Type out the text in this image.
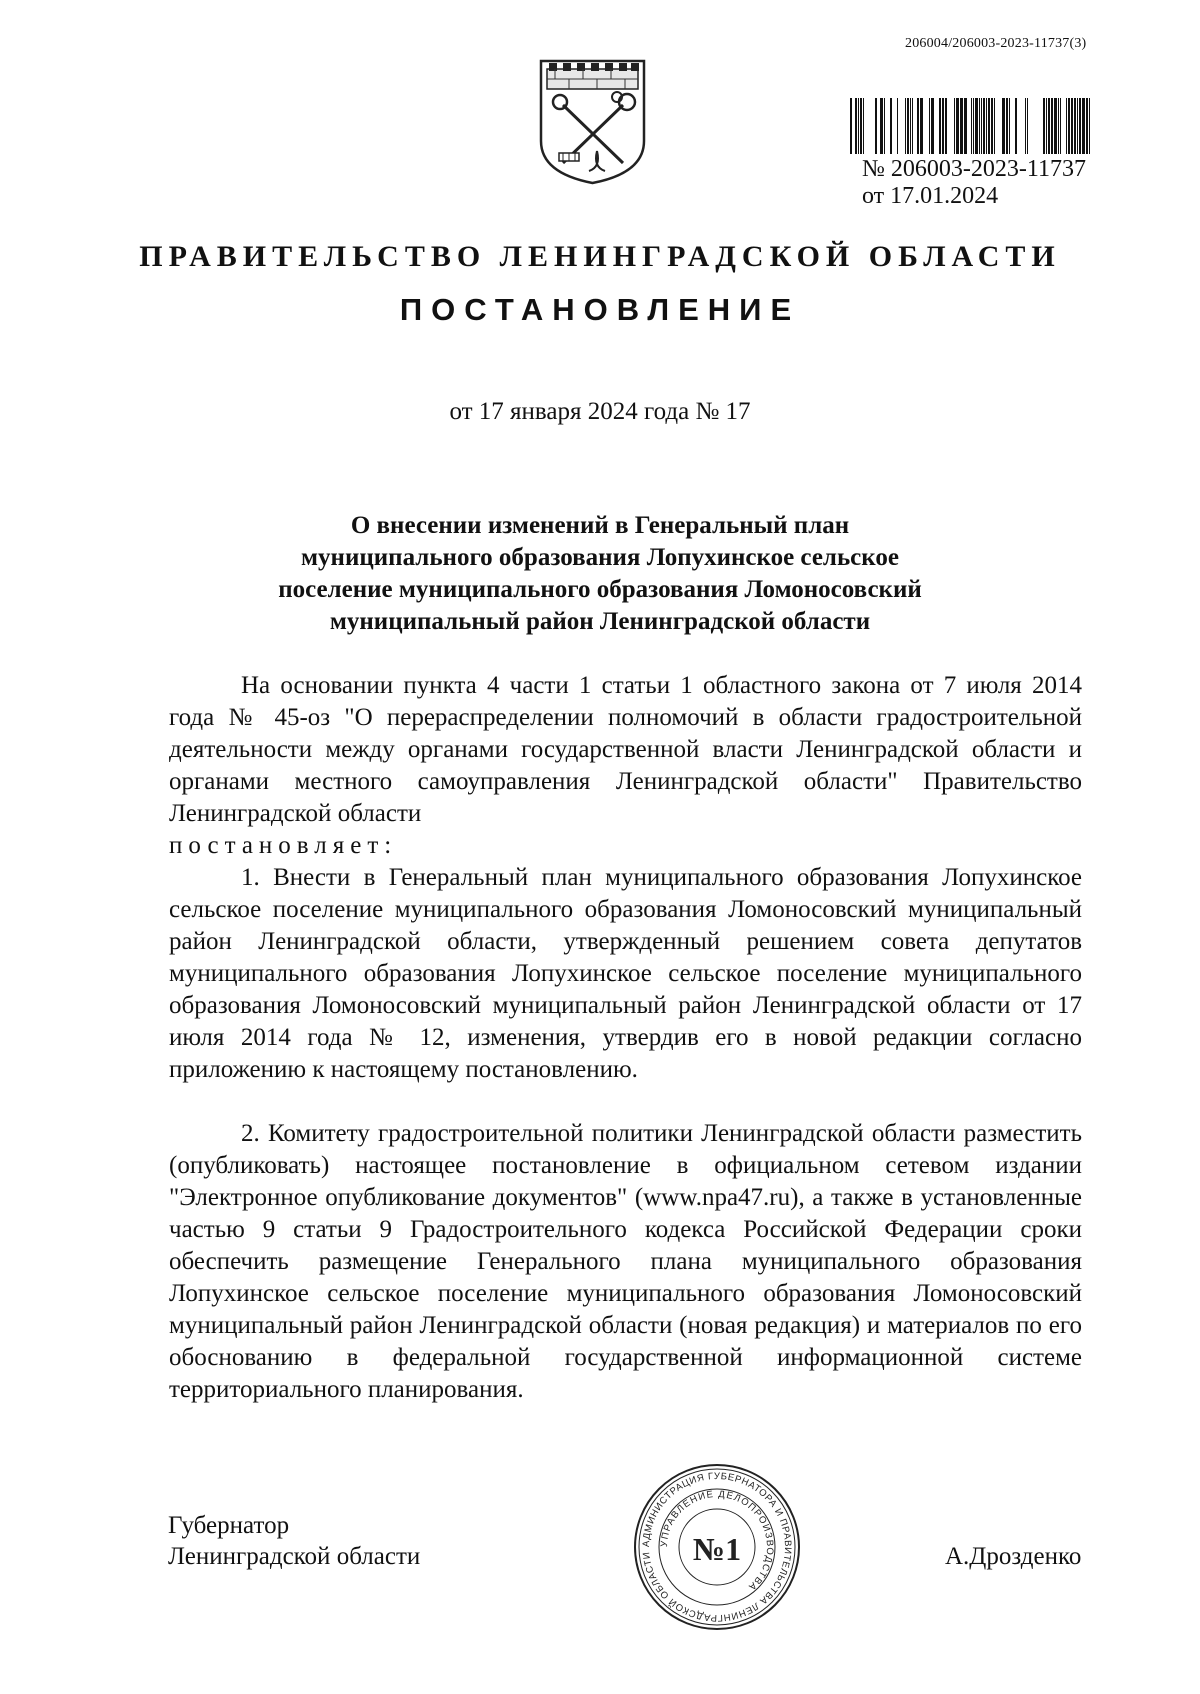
206004/206003-2023-11737(3)
№ 206003-2023-11737
от 17.01.2024
ПРАВИТЕЛЬСТВО ЛЕНИНГРАДСКОЙ ОБЛАСТИ
ПОСТАНОВЛЕНИЕ
от 17 января 2024 года № 17
О внесении изменений в Генеральный план
муниципального образования Лопухинское сельское
поселение муниципального образования Ломоносовский
муниципальный район Ленинградской области
На основании пункта 4 части 1 статьи 1 областного закона от 7 июля 2014 года № 45-оз "О перераспределении полномочий в области градостроительной деятельности между органами государственной власти Ленинградской области и органами местного самоуправления Ленинградской области" Правительство Ленинградской области
постановляет:
1. Внести в Генеральный план муниципального образования Лопухинское сельское поселение муниципального образования Ломоносовский муниципальный район Ленинградской области, утвержденный решением совета депутатов муниципального образования Лопухинское сельское поселение муниципального образования Ломоносовский муниципальный район Ленинградской области от 17 июля 2014 года № 12, изменения, утвердив его в новой редакции согласно приложению к настоящему постановлению.
2. Комитету градостроительной политики Ленинградской области разместить (опубликовать) настоящее постановление в официальном сетевом издании "Электронное опубликование документов" (www.npa47.ru), а также в установленные частью 9 статьи 9 Градостроительного кодекса Российской Федерации сроки обеспечить размещение Генерального плана муниципального образования Лопухинское сельское поселение муниципального образования Ломоносовский муниципальный район Ленинградской области (новая редакция) и материалов по его обоснованию в федеральной государственной информационной системе территориального планирования.
Губернатор
Ленинградской области	А.Дрозденко
АДМИНИСТРАЦИЯ ГУБЕРНАТОРА И ПРАВИТЕЛЬСТВА ЛЕНИНГРАДСКОЙ ОБЛАСТИ
УПРАВЛЕНИЕ ДЕЛОПРОИЗВОДСТВА
№1
